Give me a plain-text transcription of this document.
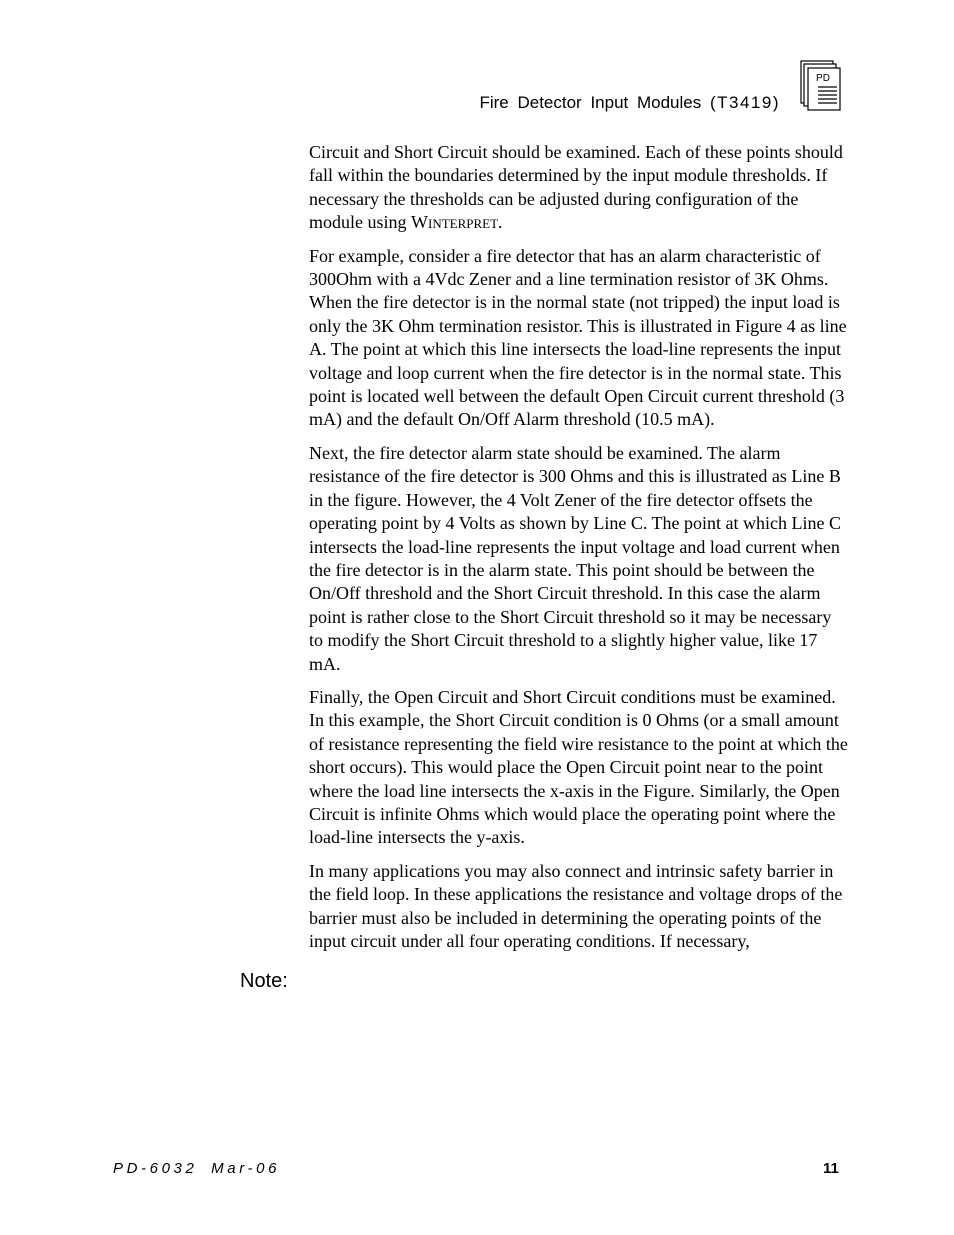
Fire Detector Input Modules (T3419)
PD

Circuit and Short Circuit should be examined. Each of these points should fall within the boundaries determined by the input module thresholds. If necessary the thresholds can be adjusted during configuration of the module using Winterpret.

For example, consider a fire detector that has an alarm characteristic of 300Ohm with a 4Vdc Zener and a line termination resistor of 3K Ohms. When the fire detector is in the normal state (not tripped) the input load is only the 3K Ohm termination resistor. This is illustrated in Figure 4 as line A. The point at which this line intersects the load-line represents the input voltage and loop current when the fire detector is in the normal state. This point is located well between the default Open Circuit current threshold (3 mA) and the default On/Off Alarm threshold (10.5 mA).

Next, the fire detector alarm state should be examined. The alarm resistance of the fire detector is 300 Ohms and this is illustrated as Line B in the figure. However, the 4 Volt Zener of the fire detector offsets the operating point by 4 Volts as shown by Line C. The point at which Line C intersects the load-line represents the input voltage and load current when the fire detector is in the alarm state. This point should be between the On/Off threshold and the Short Circuit threshold. In this case the alarm point is rather close to the Short Circuit threshold so it may be necessary to modify the Short Circuit threshold to a slightly higher value, like 17 mA.

Finally, the Open Circuit and Short Circuit conditions must be examined. In this example, the Short Circuit condition is 0 Ohms (or a small amount of resistance representing the field wire resistance to the point at which the short occurs). This would place the Open Circuit point near to the point where the load line intersects the x-axis in the Figure. Similarly, the Open Circuit is infinite Ohms which would place the operating point where the load-line intersects the y-axis.

In many applications you may also connect and intrinsic safety barrier in the field loop. In these applications the resistance and voltage drops of the barrier must also be included in determining the operating points of the input circuit under all four operating conditions. If necessary,

Note:
PD-6032 Mar-06	11
